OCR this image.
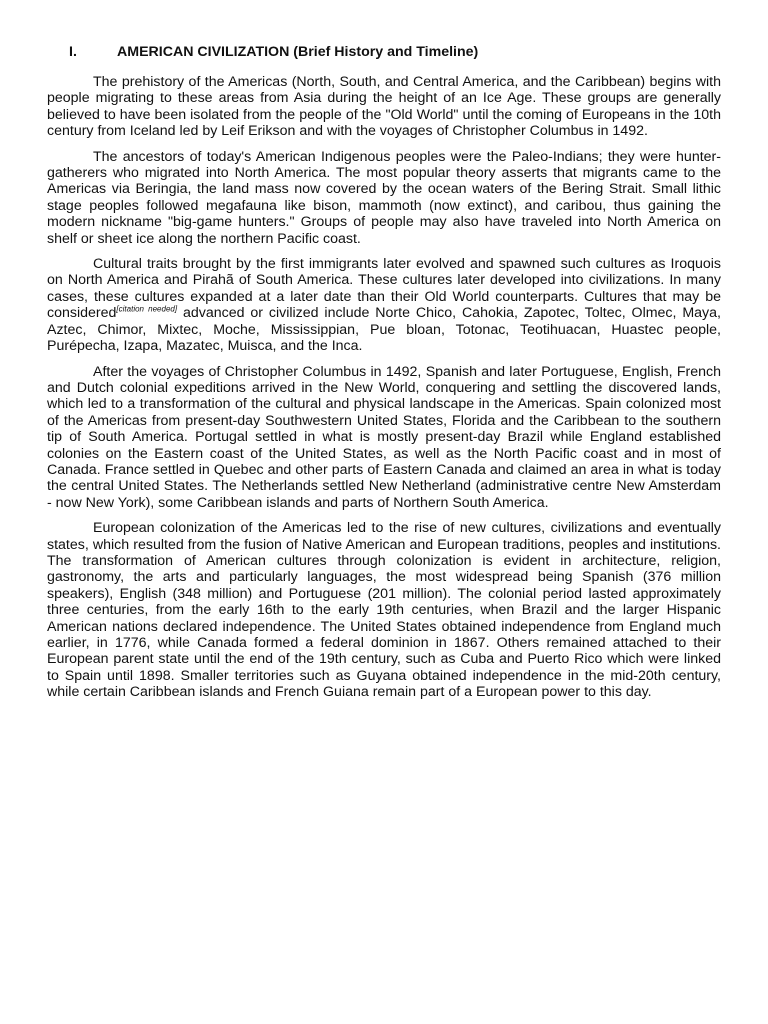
I.	AMERICAN CIVILIZATION (Brief History and Timeline)

The prehistory of the Americas (North, South, and Central America, and the Caribbean) begins with people migrating to these areas from Asia during the height of an Ice Age. These groups are generally believed to have been isolated from the people of the "Old World" until the coming of Europeans in the 10th century from Iceland led by Leif Erikson and with the voyages of Christopher Columbus in 1492.

The ancestors of today's American Indigenous peoples were the Paleo-Indians; they were hunter-gatherers who migrated into North America. The most popular theory asserts that migrants came to the Americas via Beringia, the land mass now covered by the ocean waters of the Bering Strait. Small lithic stage peoples followed megafauna like bison, mammoth (now extinct), and caribou, thus gaining the modern nickname "big-game hunters." Groups of people may also have traveled into North America on shelf or sheet ice along the northern Pacific coast.

Cultural traits brought by the first immigrants later evolved and spawned such cultures as Iroquois on North America and Pirahã of South America. These cultures later developed into civilizations. In many cases, these cultures expanded at a later date than their Old World counterparts. Cultures that may be considered[citation needed] advanced or civilized include Norte Chico, Cahokia, Zapotec, Toltec, Olmec, Maya, Aztec, Chimor, Mixtec, Moche, Mississippian, Pue bloan, Totonac, Teotihuacan, Huastec people, Purépecha, Izapa, Mazatec, Muisca, and the Inca.

After the voyages of Christopher Columbus in 1492, Spanish and later Portuguese, English, French and Dutch colonial expeditions arrived in the New World, conquering and settling the discovered lands, which led to a transformation of the cultural and physical landscape in the Americas. Spain colonized most of the Americas from present-day Southwestern United States, Florida and the Caribbean to the southern tip of South America. Portugal settled in what is mostly present-day Brazil while England established colonies on the Eastern coast of the United States, as well as the North Pacific coast and in most of Canada. France settled in Quebec and other parts of Eastern Canada and claimed an area in what is today the central United States. The Netherlands settled New Netherland (administrative centre New Amsterdam - now New York), some Caribbean islands and parts of Northern South America.

European colonization of the Americas led to the rise of new cultures, civilizations and eventually states, which resulted from the fusion of Native American and European traditions, peoples and institutions. The transformation of American cultures through colonization is evident in architecture, religion, gastronomy, the arts and particularly languages, the most widespread being Spanish (376 million speakers), English (348 million) and Portuguese (201 million). The colonial period lasted approximately three centuries, from the early 16th to the early 19th centuries, when Brazil and the larger Hispanic American nations declared independence. The United States obtained independence from England much earlier, in 1776, while Canada formed a federal dominion in 1867. Others remained attached to their European parent state until the end of the 19th century, such as Cuba and Puerto Rico which were linked to Spain until 1898. Smaller territories such as Guyana obtained independence in the mid-20th century, while certain Caribbean islands and French Guiana remain part of a European power to this day.
